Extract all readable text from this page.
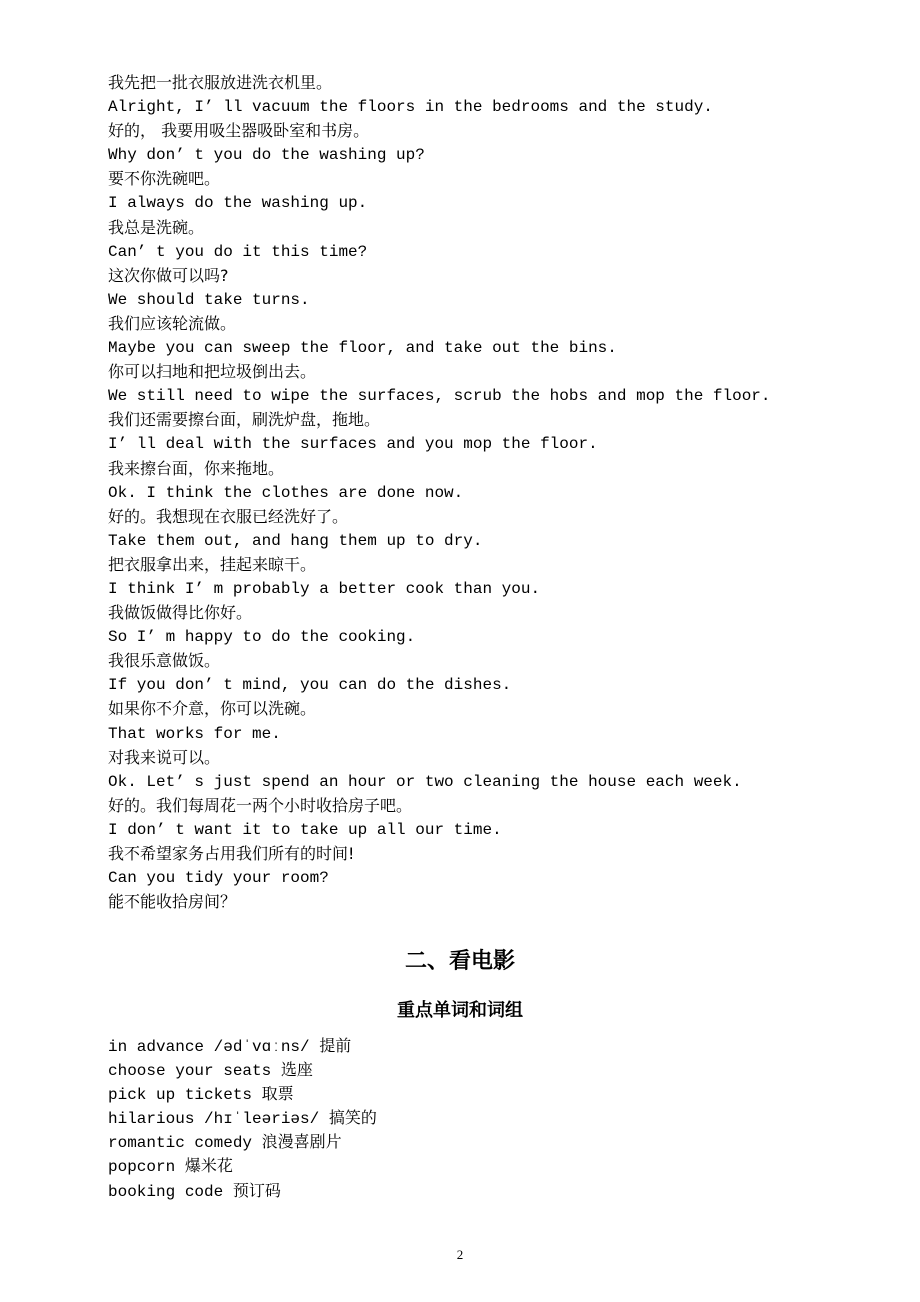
我先把一批衣服放进洗衣机里。
Alright, I’ ll vacuum the floors in the bedrooms and the study.
好的， 我要用吸尘器吸卧室和书房。
Why don’ t you do the washing up?
要不你洗碗吧。
I always do the washing up.
我总是洗碗。
Can’ t you do it this time?
这次你做可以吗?
We should take turns.
我们应该轮流做。
Maybe you can sweep the floor, and take out the bins.
你可以扫地和把垃圾倒出去。
We still need to wipe the surfaces, scrub the hobs and mop the floor.
我们还需要擦台面，刷洗炉盘，拖地。
I’ ll deal with the surfaces and you mop the floor.
我来擦台面，你来拖地。
Ok. I think the clothes are done now.
好的。我想现在衣服已经洗好了。
Take them out, and hang them up to dry.
把衣服拿出来，挂起来晾干。
I think I’ m probably a better cook than you.
我做饭做得比你好。
So I’ m happy to do the cooking.
我很乐意做饭。
If you don’ t mind, you can do the dishes.
如果你不介意，你可以洗碗。
That works for me.
对我来说可以。
Ok. Let’ s just spend an hour or two cleaning the house each week.
好的。我们每周花一两个小时收拾房子吧。
I don’ t want it to take up all our time.
我不希望家务占用我们所有的时间!
Can you tidy your room?
能不能收拾房间？
二、看电影
重点单词和词组
in advance /ədˈvɑːns/ 提前
choose your seats 选座
pick up tickets 取票
hilarious /hɪˈleəriəs/ 搞笑的
romantic comedy 浪漫喜剧片
popcorn 爆米花
booking code 预订码
2
